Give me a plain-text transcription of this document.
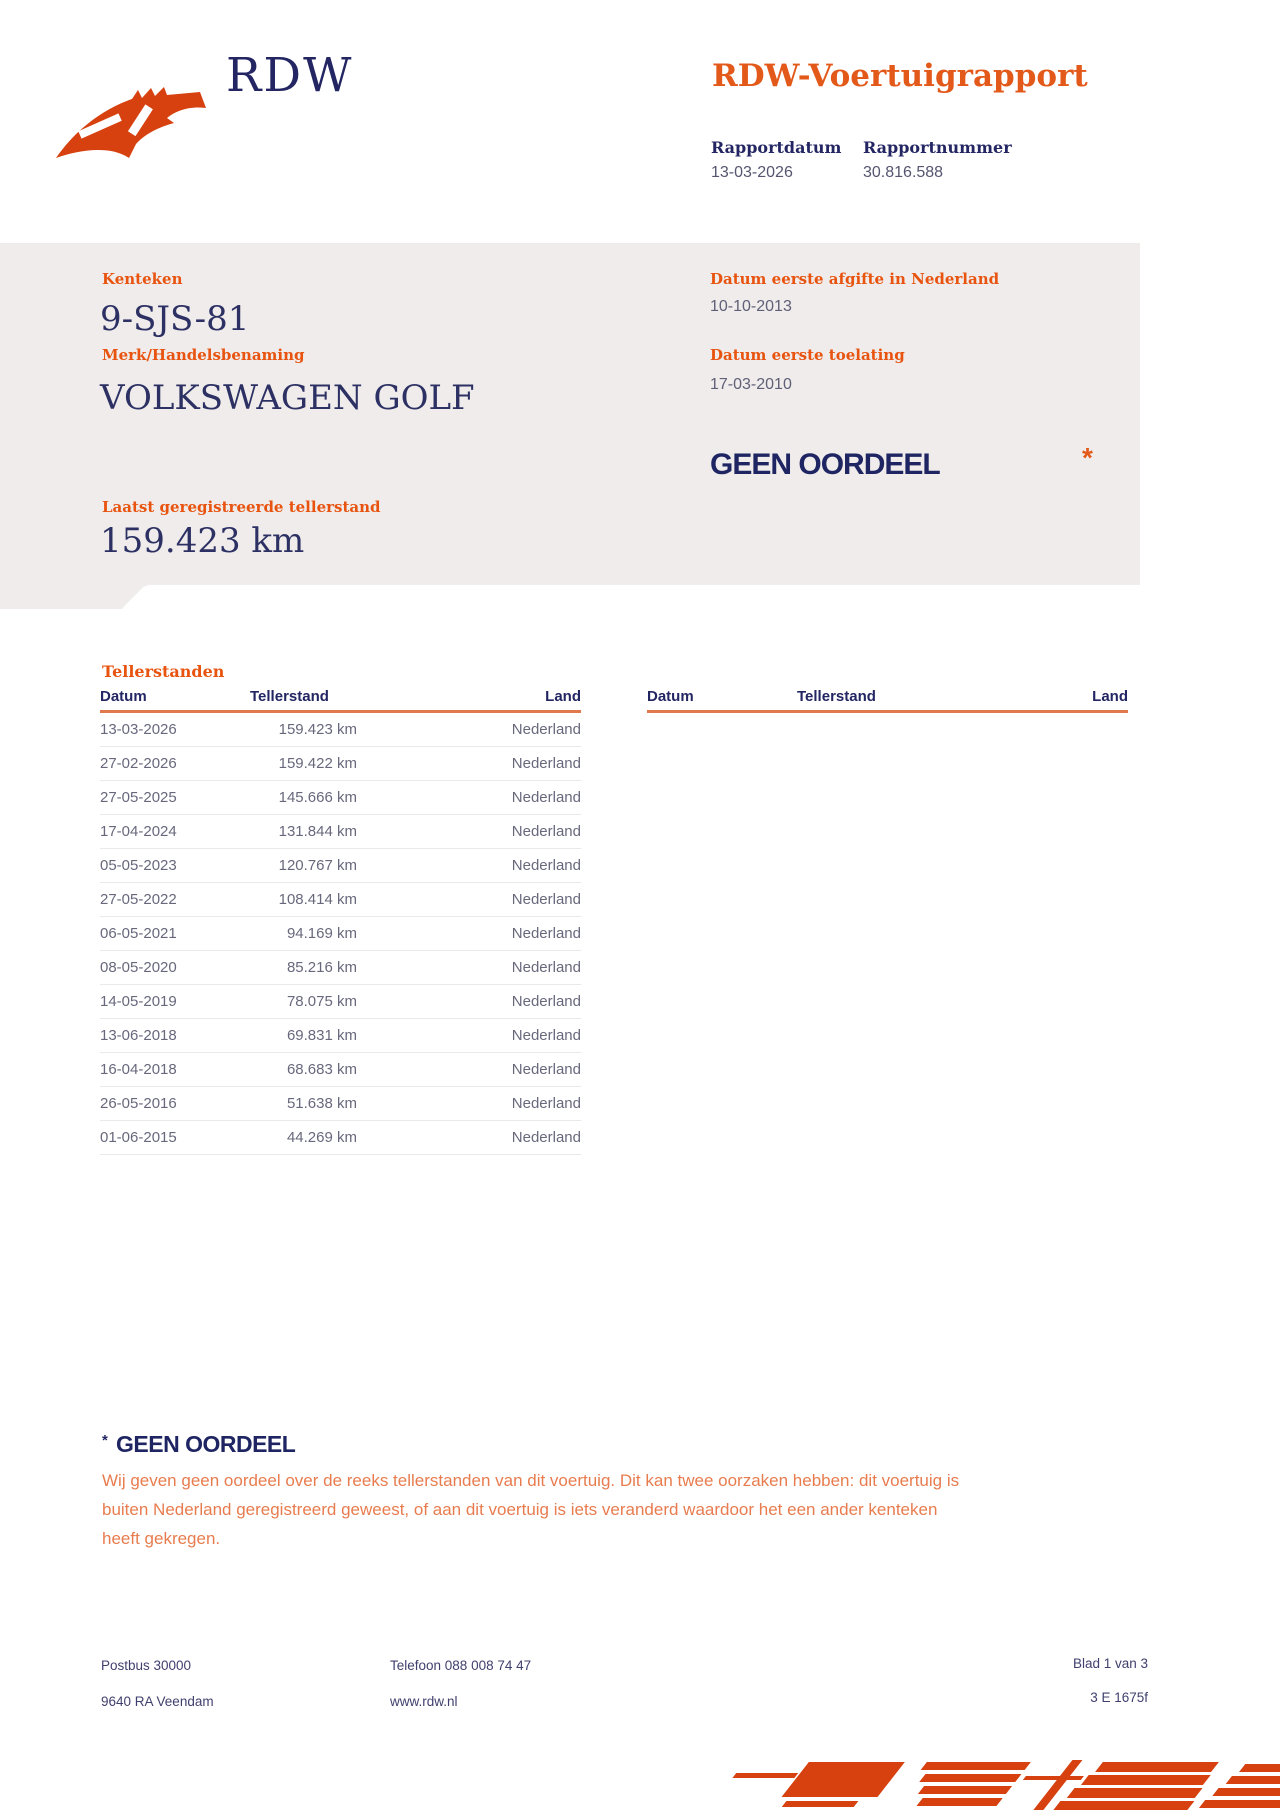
RDW	RDW-Voertuigrapport
Rapportdatum
13-03-2026
Rapportnummer
30.816.588
Kenteken
9-SJS-81
Merk/Handelsbenaming
VOLKSWAGEN GOLF
Datum eerste afgifte in Nederland
10-10-2013
Datum eerste toelating
17-03-2010
GEEN OORDEEL	*
Laatst geregistreerde tellerstand
159.423 km
Tellerstanden
Datum	Tellerstand	Land
13-03-2026	159.423 km	Nederland
27-02-2026	159.422 km	Nederland
27-05-2025	145.666 km	Nederland
17-04-2024	131.844 km	Nederland
05-05-2023	120.767 km	Nederland
27-05-2022	108.414 km	Nederland
06-05-2021	94.169 km	Nederland
08-05-2020	85.216 km	Nederland
14-05-2019	78.075 km	Nederland
13-06-2018	69.831 km	Nederland
16-04-2018	68.683 km	Nederland
26-05-2016	51.638 km	Nederland
01-06-2015	44.269 km	Nederland
Datum	Tellerstand	Land
* GEEN OORDEEL
Wij geven geen oordeel over de reeks tellerstanden van dit voertuig. Dit kan twee oorzaken hebben: dit voertuig is
buiten Nederland geregistreerd geweest, of aan dit voertuig is iets veranderd waardoor het een ander kenteken
heeft gekregen.
Postbus 30000
9640 RA Veendam
Telefoon 088 008 74 47
www.rdw.nl
Blad 1 van 3
3 E 1675f
